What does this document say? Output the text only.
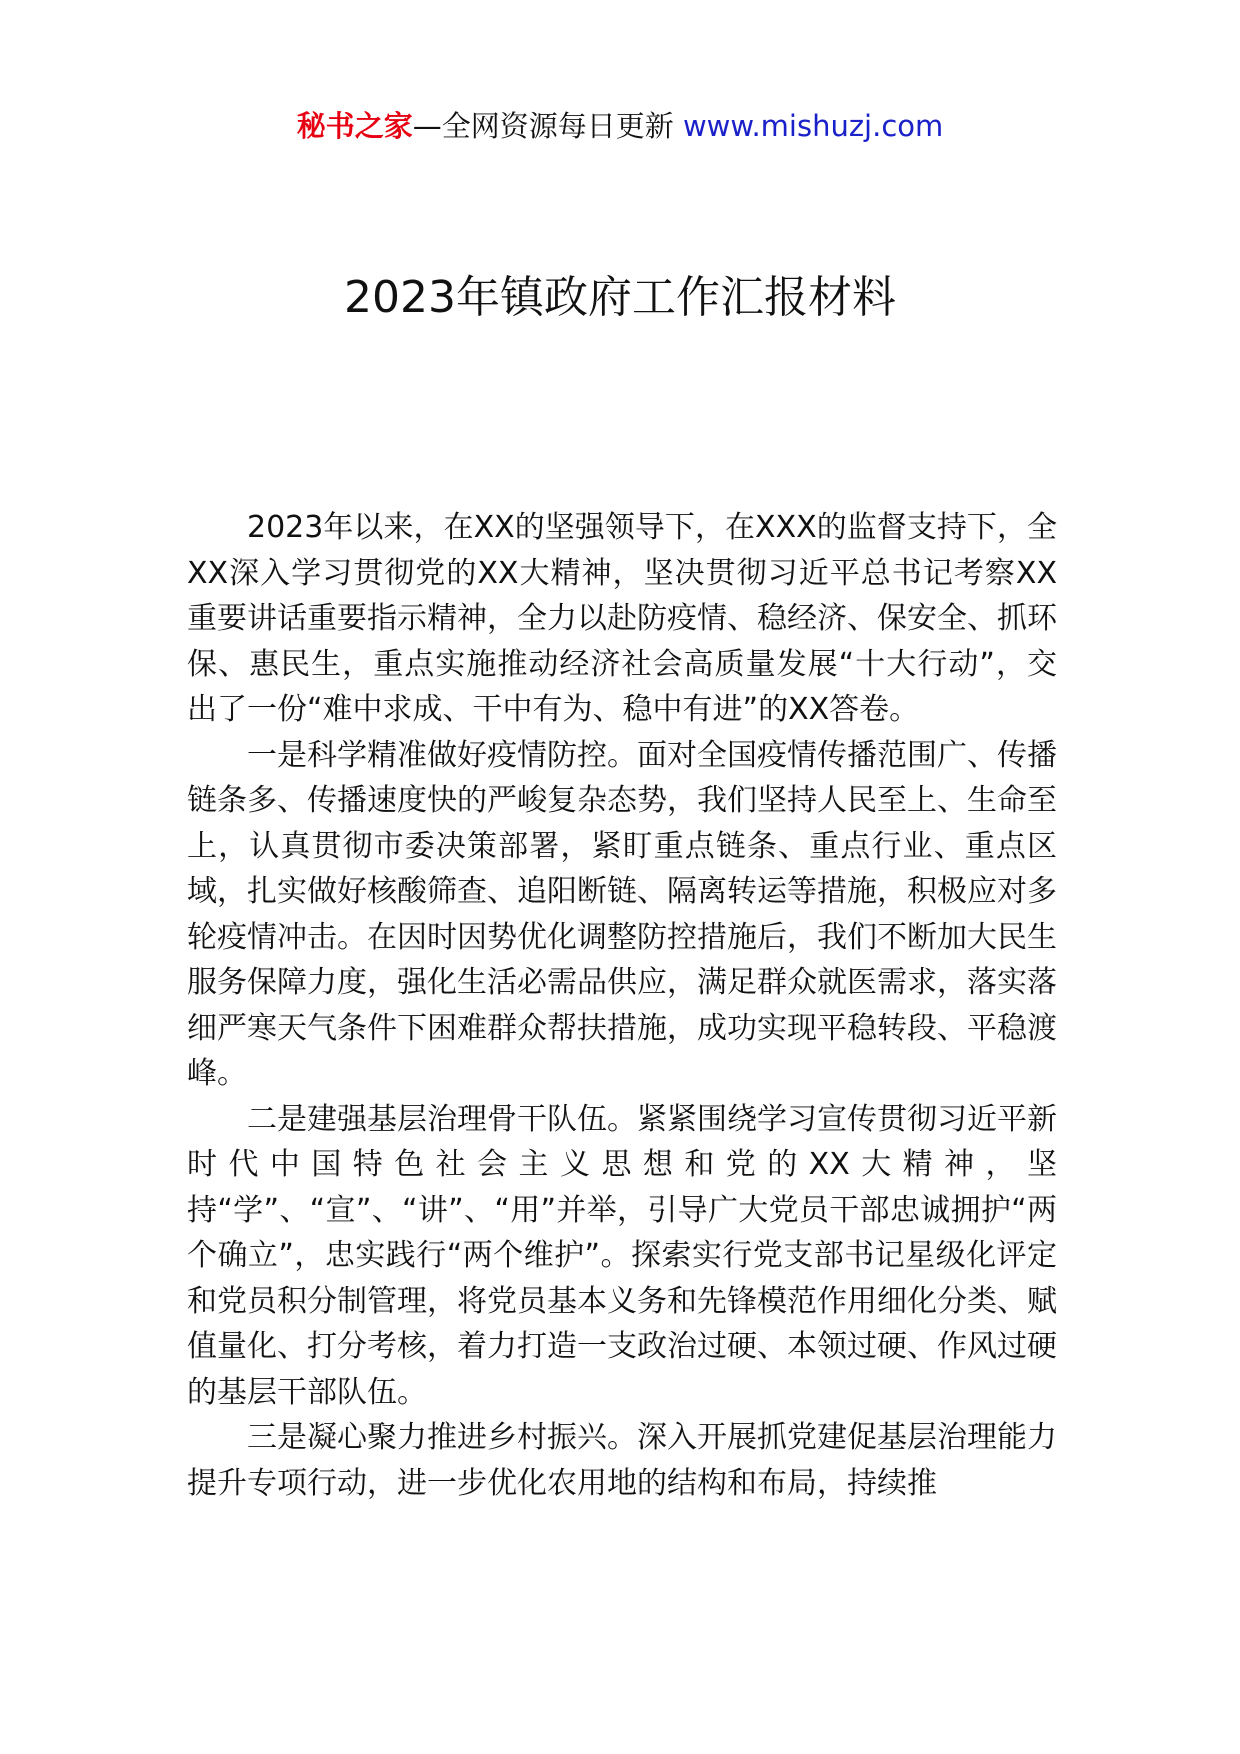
秘书之家—全网资源每日更新 www.mishuzj.com
2023年镇政府工作汇报材料

2023年以来，在XX的坚强领导下，在XXX的监督支持下，全XX深入学习贯彻党的XX大精神，坚决贯彻习近平总书记考察XX重要讲话重要指示精神，全力以赴防疫情、稳经济、保安全、抓环保、惠民生，重点实施推动经济社会高质量发展“十大行动”，交出了一份“难中求成、干中有为、稳中有进”的XX答卷。

一是科学精准做好疫情防控。面对全国疫情传播范围广、传播链条多、传播速度快的严峻复杂态势，我们坚持人民至上、生命至上，认真贯彻市委决策部署，紧盯重点链条、重点行业、重点区域，扎实做好核酸筛查、追阳断链、隔离转运等措施，积极应对多轮疫情冲击。在因时因势优化调整防控措施后，我们不断加大民生服务保障力度，强化生活必需品供应，满足群众就医需求，落实落细严寒天气条件下困难群众帮扶措施，成功实现平稳转段、平稳渡峰。

二是建强基层治理骨干队伍。紧紧围绕学习宣传贯彻习近平新时代中国特色社会主义思想和党的XX大精神，坚持“学”、“宣”、“讲”、“用”并举，引导广大党员干部忠诚拥护“两个确立”，忠实践行“两个维护”。探索实行党支部书记星级化评定和党员积分制管理，将党员基本义务和先锋模范作用细化分类、赋值量化、打分考核，着力打造一支政治过硬、本领过硬、作风过硬的基层干部队伍。

三是凝心聚力推进乡村振兴。深入开展抓党建促基层治理能力提升专项行动，进一步优化农用地的结构和布局，持续推
